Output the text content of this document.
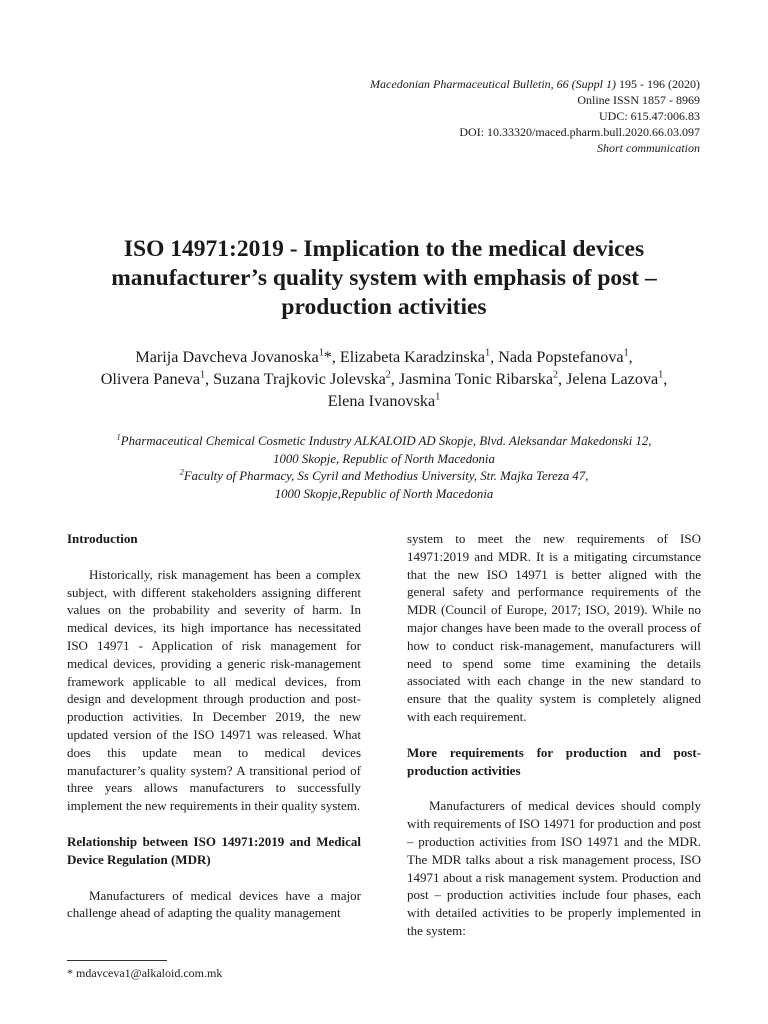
Macedonian Pharmaceutical Bulletin, 66 (Suppl 1) 195 - 196 (2020)
Online ISSN 1857 - 8969
UDC: 615.47:006.83
DOI: 10.33320/maced.pharm.bull.2020.66.03.097
Short communication
ISO 14971:2019 - Implication to the medical devices manufacturer’s quality system with emphasis of post – production activities
Marija Davcheva Jovanoska$^1$*, Elizabeta Karadzinska$^1$, Nada Popstefanova$^1$,
Olivera Paneva$^1$, Suzana Trajkovic Jolevska$^2$, Jasmina Tonic Ribarska$^2$, Jelena Lazova$^1$,
Elena Ivanovska$^1$
$^1$Pharmaceutical Chemical Cosmetic Industry ALKALOID AD Skopje, Blvd. Aleksandar Makedonski 12,
1000 Skopje, Republic of North Macedonia
$^2$Faculty of Pharmacy, Ss Cyril and Methodius University, Str. Majka Tereza 47,
1000 Skopje,Republic of North Macedonia
Introduction

Historically, risk management has been a complex subject, with different stakeholders assigning different values on the probability and severity of harm. In medical devices, its high importance has necessitated ISO 14971 - Application of risk management for medical devices, providing a generic risk-management framework applicable to all medical devices, from design and development through production and post-production activities. In December 2019, the new updated version of the ISO 14971 was released. What does this update mean to medical devices manufacturer’s quality system? A transitional period of three years allows manufacturers to successfully implement the new requirements in their quality system.

Relationship between ISO 14971:2019 and Medical Device Regulation (MDR)

Manufacturers of medical devices have a major challenge ahead of adapting the quality management

system to meet the new requirements of ISO 14971:2019 and MDR. It is a mitigating circumstance that the new ISO 14971 is better aligned with the general safety and performance requirements of the MDR (Council of Europe, 2017; ISO, 2019). While no major changes have been made to the overall process of how to conduct risk-management, manufacturers will need to spend some time examining the details associated with each change in the new standard to ensure that the quality system is completely aligned with each requirement.

More requirements for production and post-production activities

Manufacturers of medical devices should comply with requirements of ISO 14971 for production and post – production activities from ISO 14971 and the MDR. The MDR talks about a risk management process, ISO 14971 about a risk management system. Production and post – production activities include four phases, each with detailed activities to be properly implemented in the system:

* mdavceva1@alkaloid.com.mk
